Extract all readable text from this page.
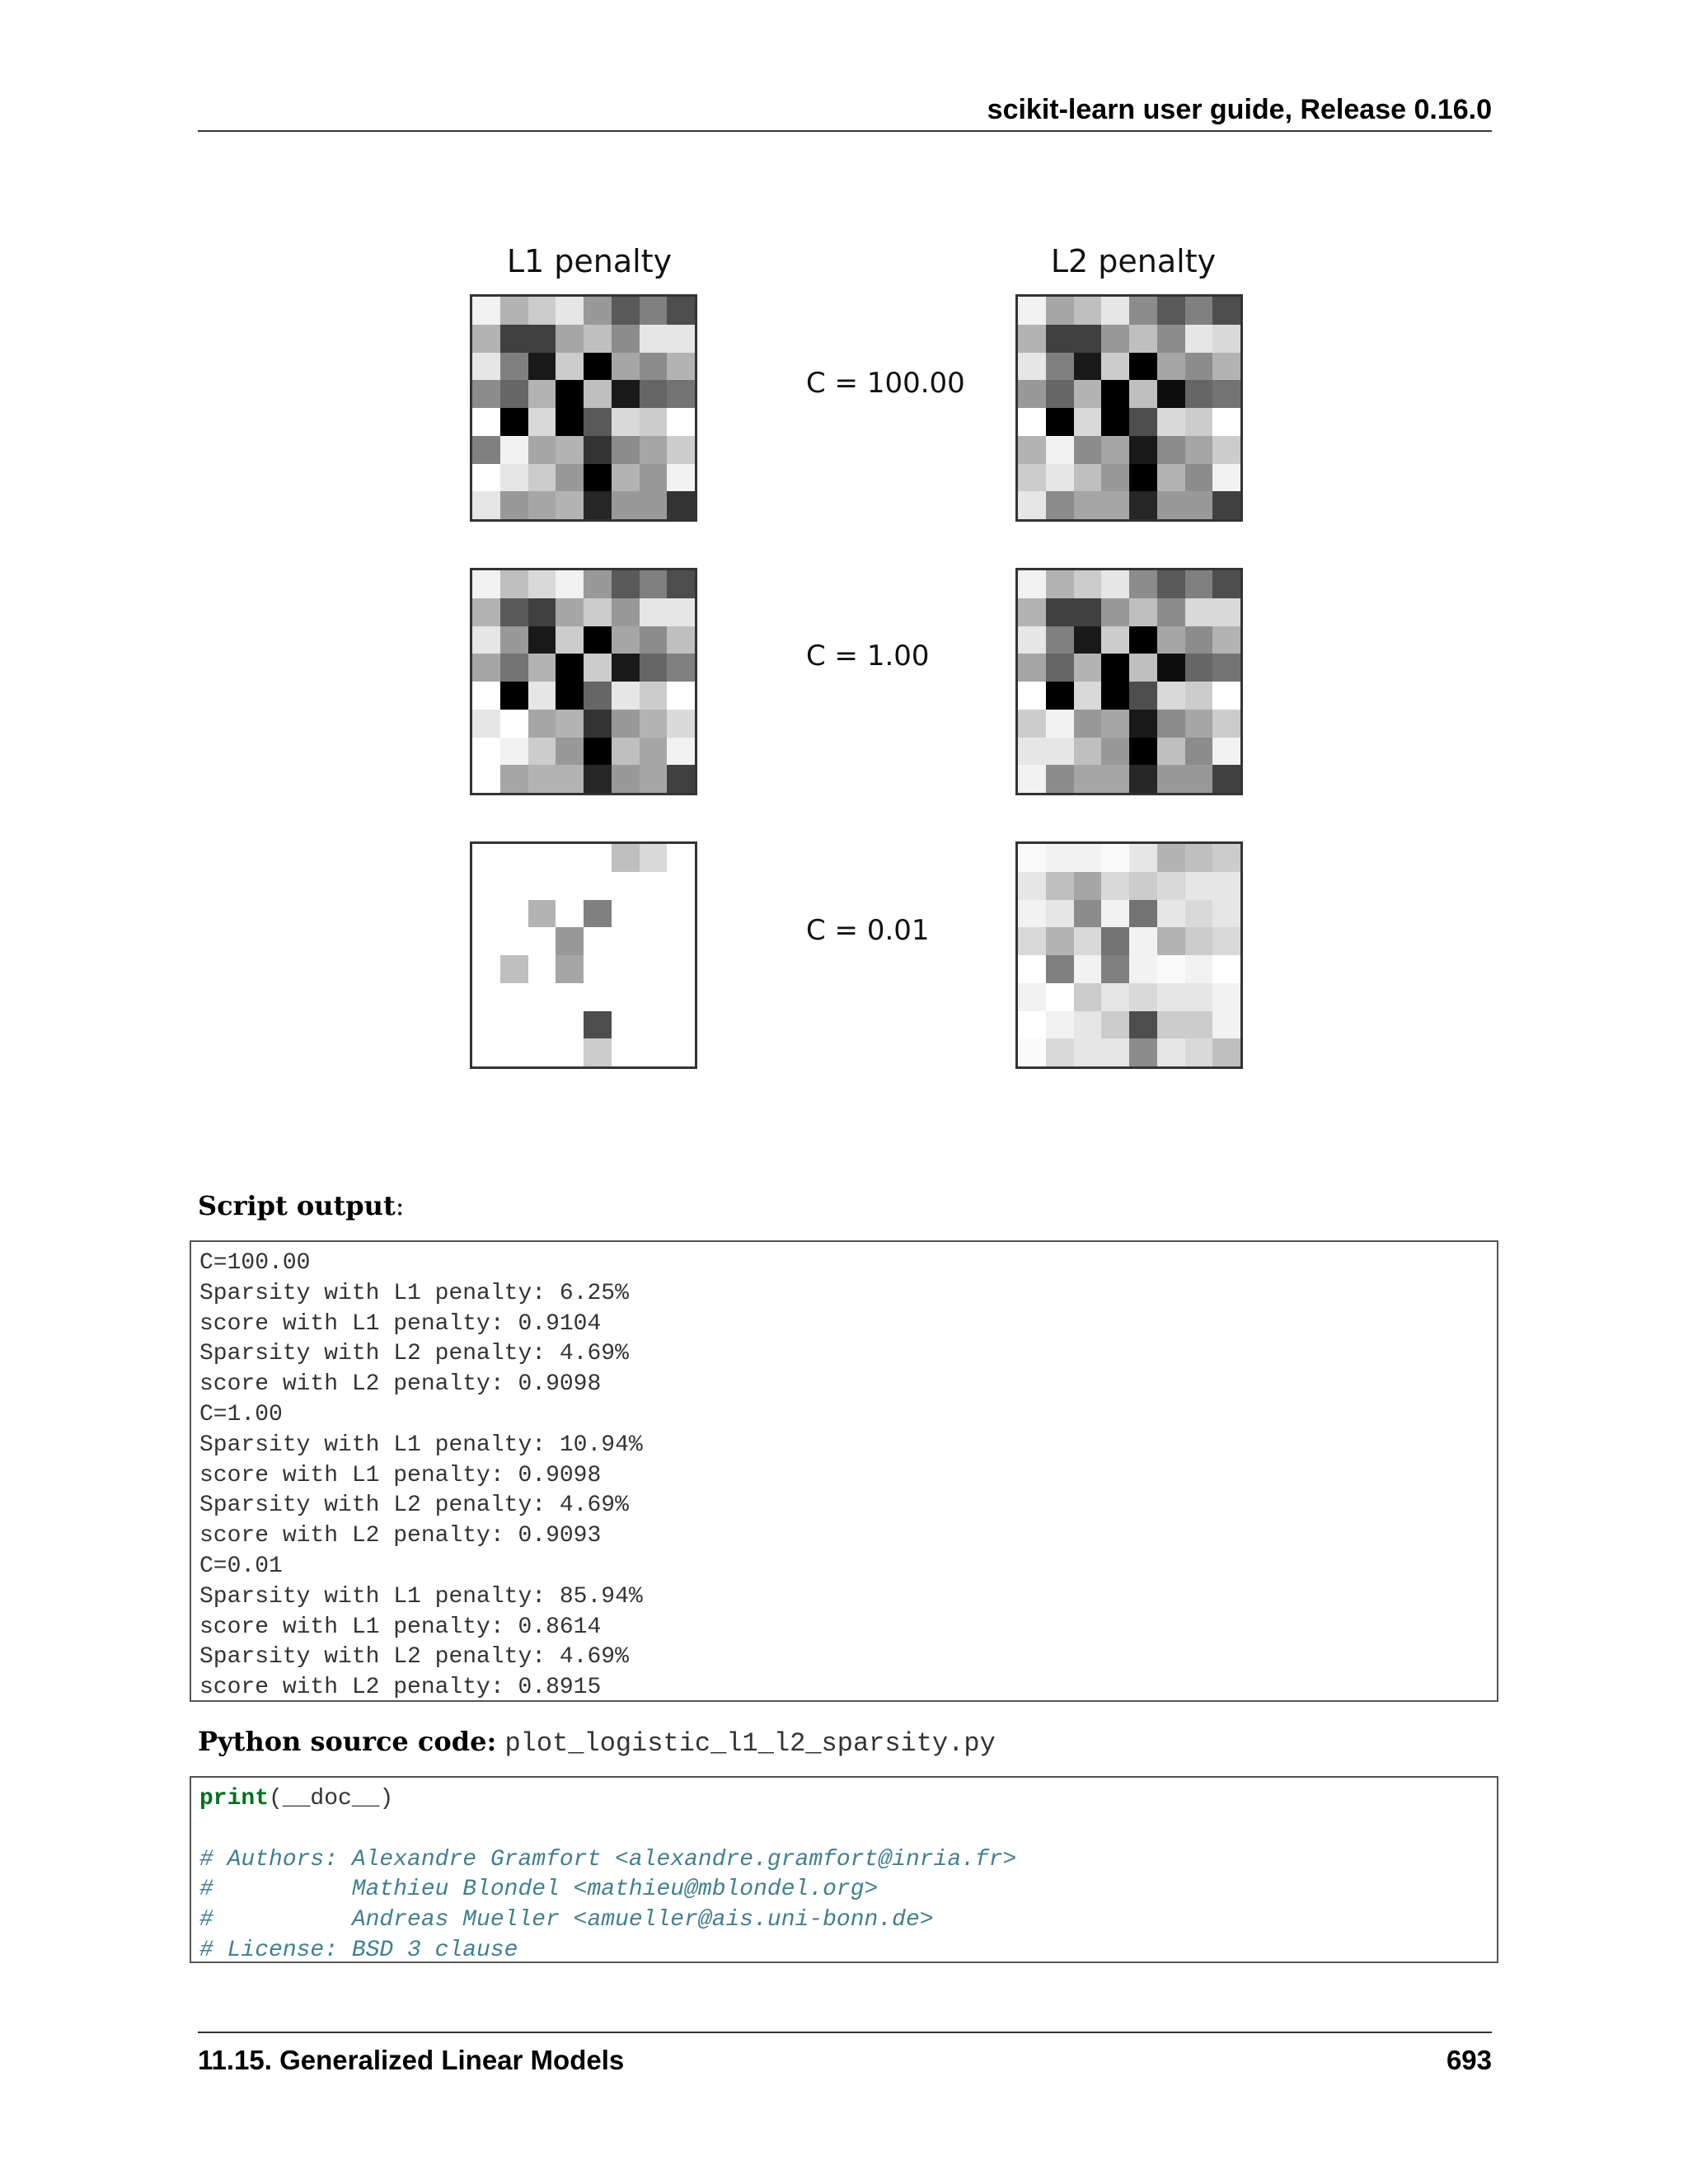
scikit-learn user guide, Release 0.16.0
L1 penalty	L2 penalty
C = 100.00
C = 1.00
C = 0.01
Script output:
C=100.00
Sparsity with L1 penalty: 6.25%
score with L1 penalty: 0.9104
Sparsity with L2 penalty: 4.69%
score with L2 penalty: 0.9098
C=1.00
Sparsity with L1 penalty: 10.94%
score with L1 penalty: 0.9098
Sparsity with L2 penalty: 4.69%
score with L2 penalty: 0.9093
C=0.01
Sparsity with L1 penalty: 85.94%
score with L1 penalty: 0.8614
Sparsity with L2 penalty: 4.69%
score with L2 penalty: 0.8915
Python source code: plot_logistic_l1_l2_sparsity.py
print(__doc__)

# Authors: Alexandre Gramfort <alexandre.gramfort@inria.fr>
#          Mathieu Blondel <mathieu@mblondel.org>
#          Andreas Mueller <amueller@ais.uni-bonn.de>
# License: BSD 3 clause
11.15. Generalized Linear Models	693
